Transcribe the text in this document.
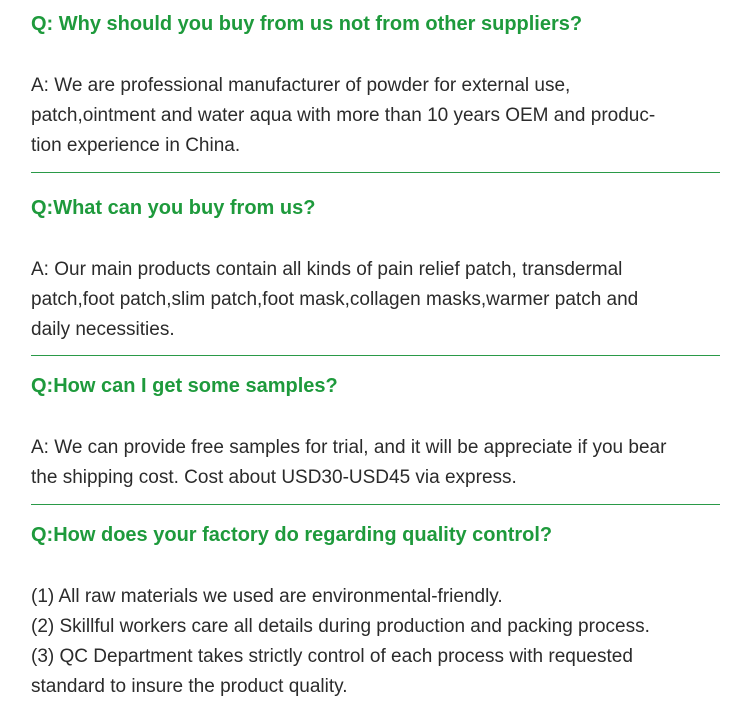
Q: Why should you buy from us not from other suppliers?

A: We are professional manufacturer of powder for external use,
patch,ointment and water aqua with more than 10 years OEM and produc-
tion experience in China.

Q:What can you buy from us?

A: Our main products contain all kinds of pain relief patch, transdermal
patch,foot patch,slim patch,foot mask,collagen masks,warmer patch and
daily necessities.

Q:How can I get some samples?

A: We can provide free samples for trial, and it will be appreciate if you bear
the shipping cost. Cost about USD30-USD45 via express.

Q:How does your factory do regarding quality control?

(1) All raw materials we used are environmental-friendly.
(2) Skillful workers care all details during production and packing process.
(3) QC Department takes strictly control of each process with requested
standard to insure the product quality.
